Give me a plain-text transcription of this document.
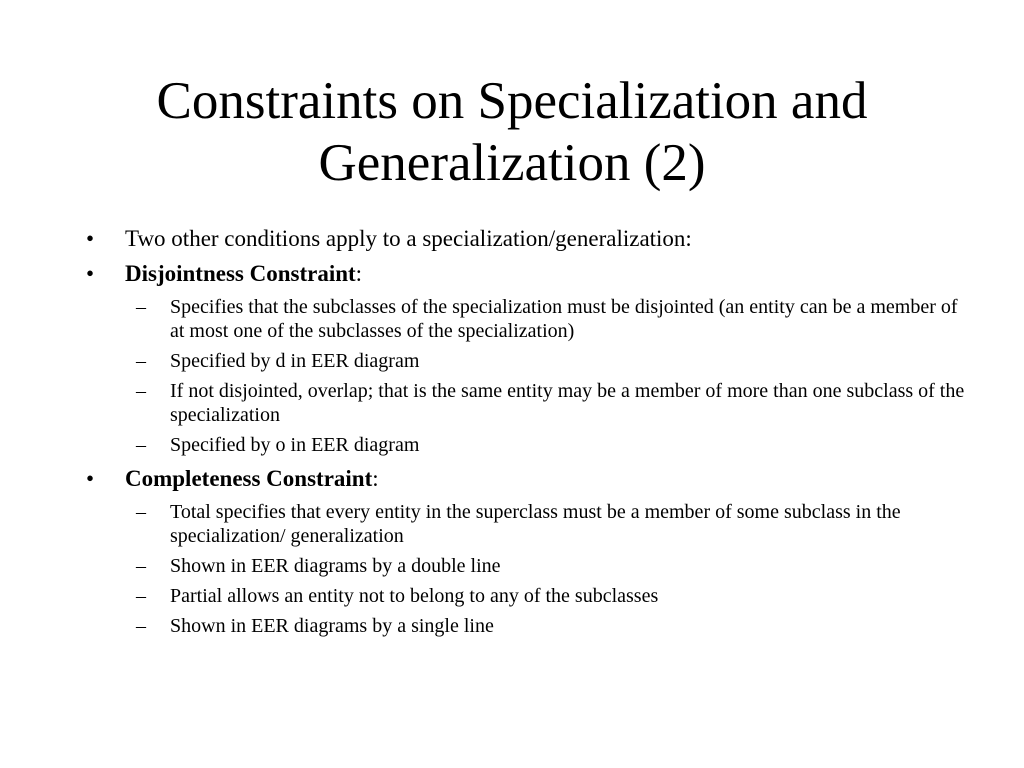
Constraints on Specialization and
Generalization (2)
•	Two other conditions apply to a specialization/generalization:
•	Disjointness Constraint:
– Specifies that the subclasses of the specialization must be disjointed (an entity can be a member of at most one of the subclasses of the specialization)
– Specified by d in EER diagram
– If not disjointed, overlap; that is the same entity may be a member of more than one subclass of the specialization
– Specified by o in EER diagram
•	Completeness Constraint:
– Total specifies that every entity in the superclass must be a member of some subclass in the specialization/ generalization
– Shown in EER diagrams by a double line
– Partial allows an entity not to belong to any of the subclasses
– Shown in EER diagrams by a single line
